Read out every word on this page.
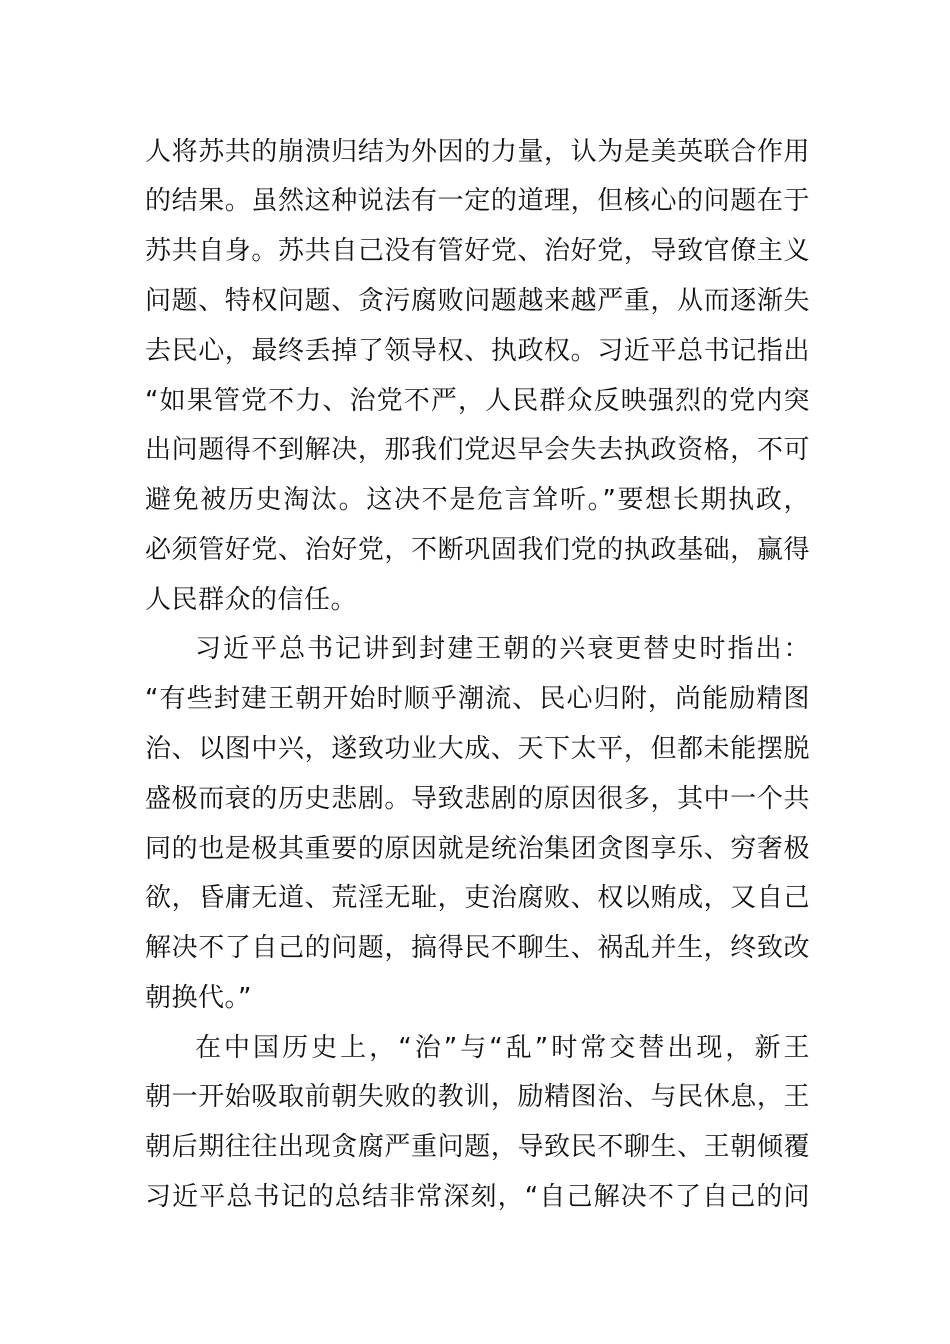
人将苏共的崩溃归结为外因的力量，认为是美英联合作用
的结果。虽然这种说法有一定的道理，但核心的问题在于
苏共自身。苏共自己没有管好党、治好党，导致官僚主义
问题、特权问题、贪污腐败问题越来越严重，从而逐渐失
去民心，最终丢掉了领导权、执政权。习近平总书记指出
“如果管党不力、治党不严，人民群众反映强烈的党内突
出问题得不到解决，那我们党迟早会失去执政资格，不可
避免被历史淘汰。这决不是危言耸听。”要想长期执政，
必须管好党、治好党，不断巩固我们党的执政基础，赢得
人民群众的信任。
习近平总书记讲到封建王朝的兴衰更替史时指出：
“有些封建王朝开始时顺乎潮流、民心归附，尚能励精图
治、以图中兴，遂致功业大成、天下太平，但都未能摆脱
盛极而衰的历史悲剧。导致悲剧的原因很多，其中一个共
同的也是极其重要的原因就是统治集团贪图享乐、穷奢极
欲，昏庸无道、荒淫无耻，吏治腐败、权以贿成，又自己
解决不了自己的问题，搞得民不聊生、祸乱并生，终致改
朝换代。”
在中国历史上，“治”与“乱”时常交替出现，新王
朝一开始吸取前朝失败的教训，励精图治、与民休息，王
朝后期往往出现贪腐严重问题，导致民不聊生、王朝倾覆
习近平总书记的总结非常深刻，“自己解决不了自己的问
